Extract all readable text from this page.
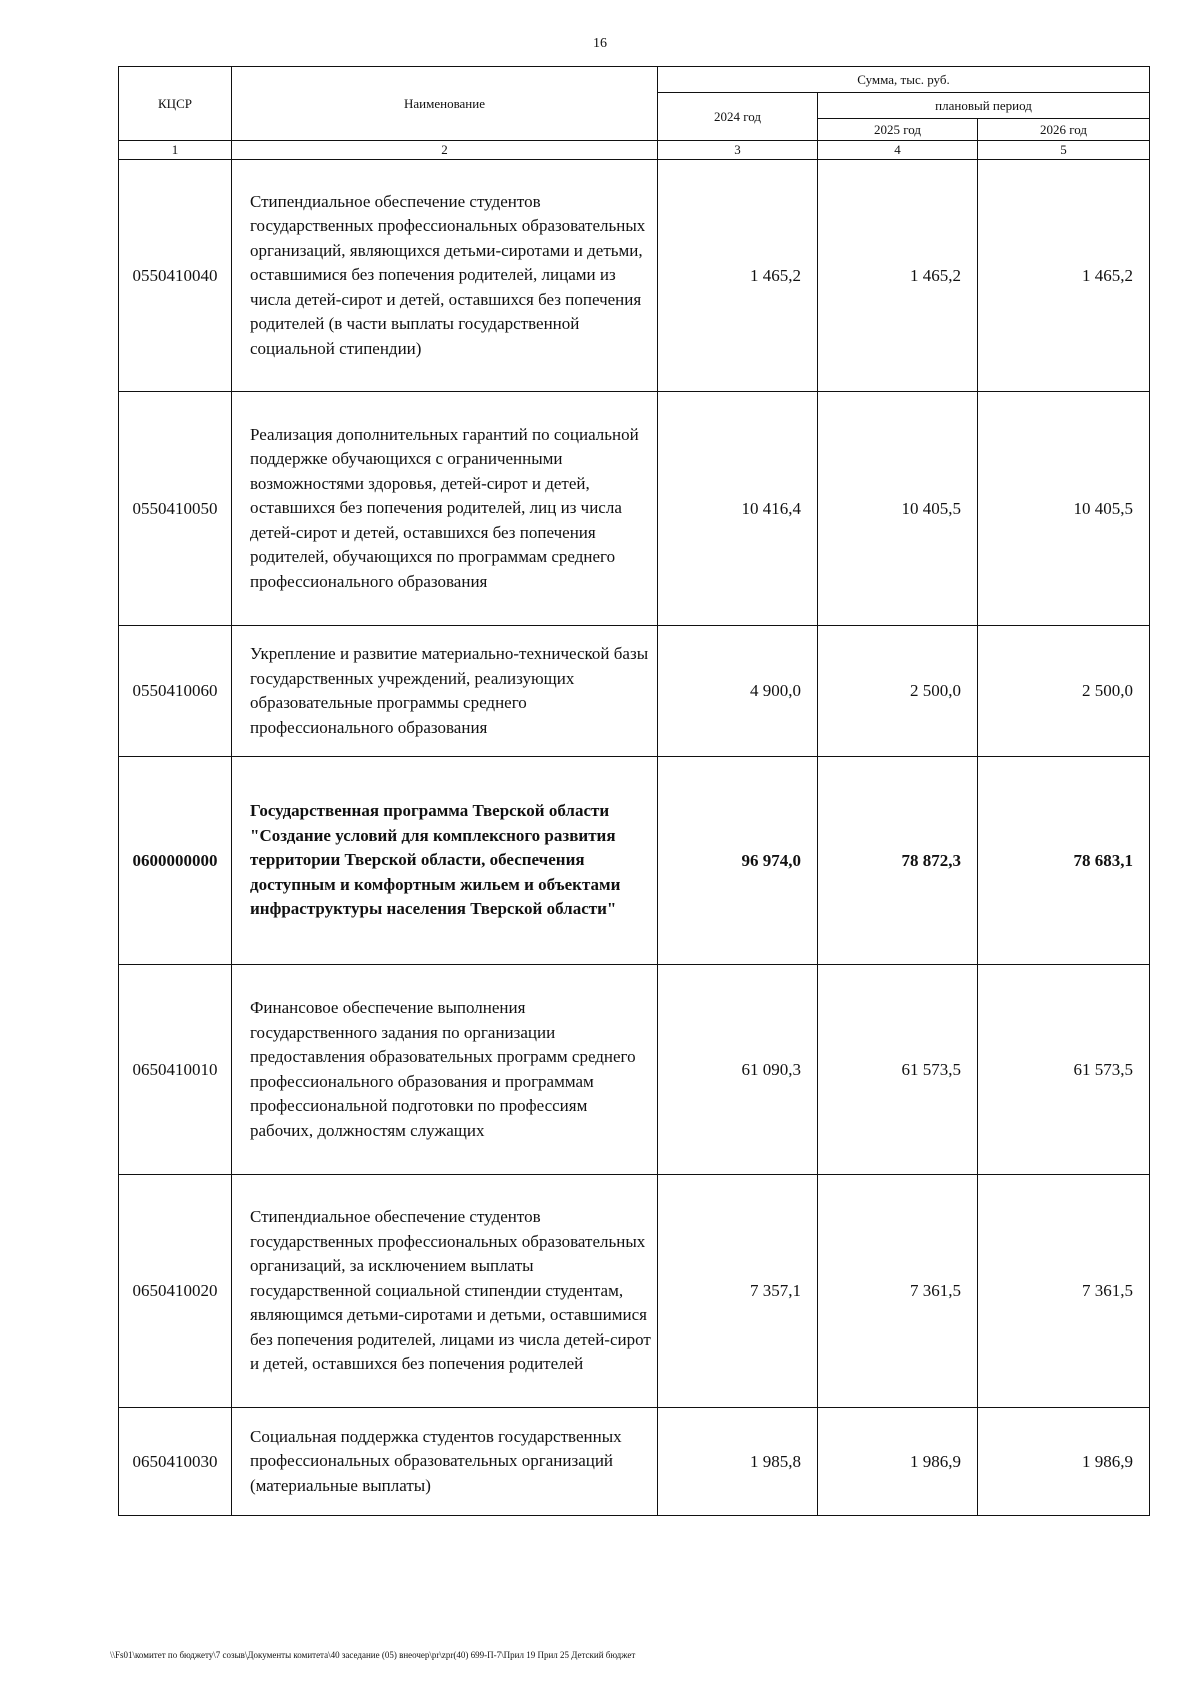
16
КЦСР	Наименование	Сумма, тыс. руб.		
		2024 год	плановый период	
			2025 год	2026 год
1	2	3	4	5
0550410040	Стипендиальное обеспечение студентов государственных профессиональных образовательных организаций, являющихся детьми-сиротами и детьми, оставшимися без попечения родителей, лицами из числа детей-сирот и детей, оставшихся без попечения родителей (в части выплаты государственной социальной стипендии)	1 465,2	1 465,2	1 465,2
0550410050	Реализация дополнительных гарантий по социальной поддержке обучающихся с ограниченными возможностями здоровья, детей-сирот и детей, оставшихся без попечения родителей, лиц из числа детей-сирот и детей, оставшихся без попечения родителей, обучающихся по программам среднего профессионального образования	10 416,4	10 405,5	10 405,5
0550410060	Укрепление и развитие материально-технической базы государственных учреждений, реализующих образовательные программы среднего профессионального образования	4 900,0	2 500,0	2 500,0
0600000000	Государственная программа Тверской области "Создание условий для комплексного развития территории Тверской области, обеспечения доступным и комфортным жильем и объектами инфраструктуры населения Тверской области"	96 974,0	78 872,3	78 683,1
0650410010	Финансовое обеспечение выполнения государственного задания по организации предоставления образовательных программ среднего профессионального образования и программам профессиональной подготовки по профессиям рабочих, должностям служащих	61 090,3	61 573,5	61 573,5
0650410020	Стипендиальное обеспечение студентов государственных профессиональных образовательных организаций, за исключением выплаты государственной социальной стипендии студентам, являющимся детьми-сиротами и детьми, оставшимися без попечения родителей, лицами из числа детей-сирот и детей, оставшихся без попечения родителей	7 357,1	7 361,5	7 361,5
0650410030	Социальная поддержка студентов государственных профессиональных образовательных организаций (материальные выплаты)	1 985,8	1 986,9	1 986,9
\\Fs01\комитет по бюджету\7 созыв\Документы комитета\40 заседание (05) внеочер\pr\zpr(40) 699-П-7\Прил 19 Прил 25 Детский бюджет
